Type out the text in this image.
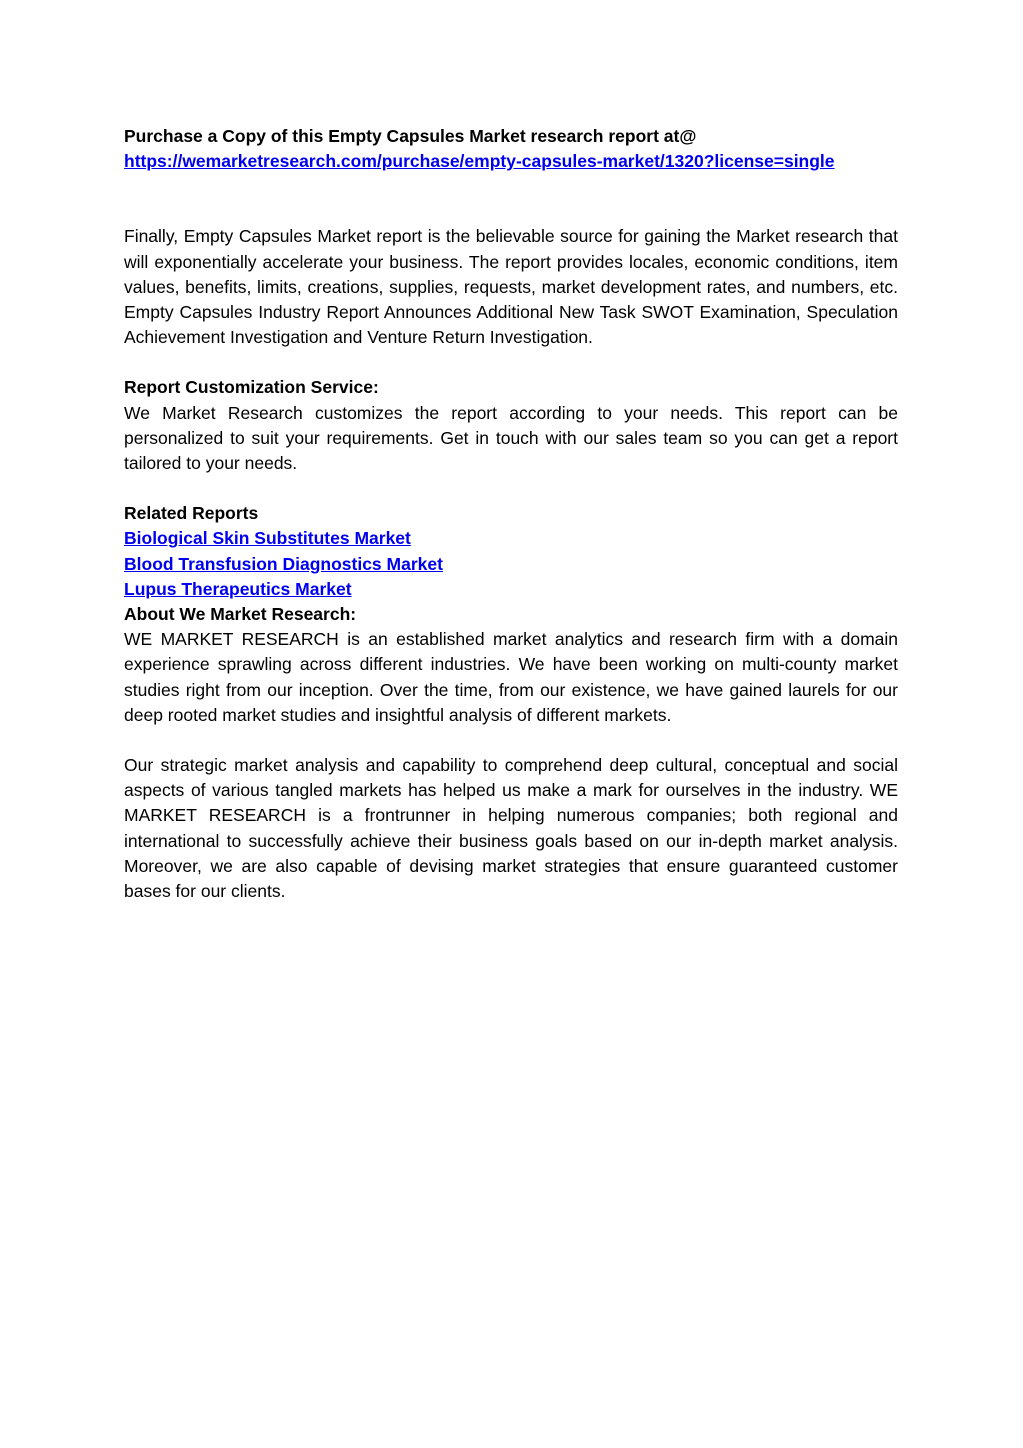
Purchase a Copy of this Empty Capsules Market research report at@
https://wemarketresearch.com/purchase/empty-capsules-market/1320?license=single

Finally, Empty Capsules Market report is the believable source for gaining the Market research that will exponentially accelerate your business. The report provides locales, economic conditions, item values, benefits, limits, creations, supplies, requests, market development rates, and numbers, etc. Empty Capsules Industry Report Announces Additional New Task SWOT Examination, Speculation Achievement Investigation and Venture Return Investigation.

Report Customization Service:

We Market Research customizes the report according to your needs. This report can be personalized to suit your requirements. Get in touch with our sales team so you can get a report tailored to your needs.

Related Reports
Biological Skin Substitutes Market
Blood Transfusion Diagnostics Market
Lupus Therapeutics Market
About We Market Research:

WE MARKET RESEARCH is an established market analytics and research firm with a domain experience sprawling across different industries. We have been working on multi-county market studies right from our inception. Over the time, from our existence, we have gained laurels for our deep rooted market studies and insightful analysis of different markets.

Our strategic market analysis and capability to comprehend deep cultural, conceptual and social aspects of various tangled markets has helped us make a mark for ourselves in the industry. WE MARKET RESEARCH is a frontrunner in helping numerous companies; both regional and international to successfully achieve their business goals based on our in-depth market analysis. Moreover, we are also capable of devising market strategies that ensure guaranteed customer bases for our clients.
